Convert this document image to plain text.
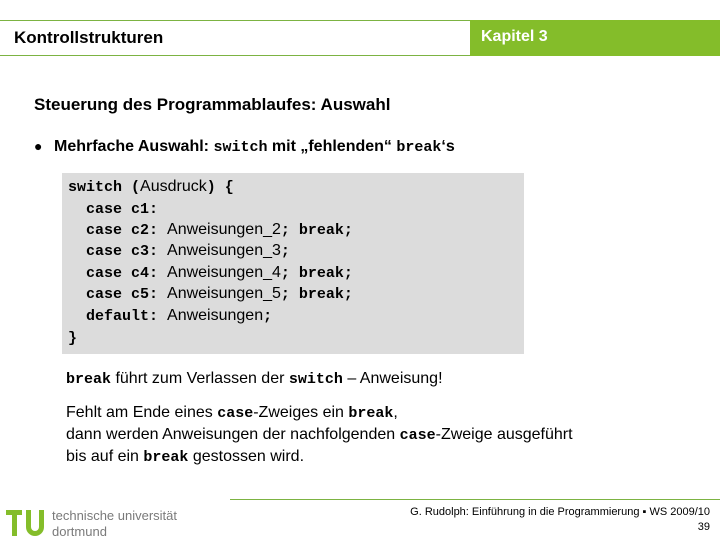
Kontrollstrukturen	Kapitel 3
Steuerung des Programmablaufes: Auswahl
● Mehrfache Auswahl: switch mit „fehlenden“ break‘s
switch (Ausdruck) {
case c1:
case c2: Anweisungen_2; break;
case c3: Anweisungen_3;
case c4: Anweisungen_4; break;
case c5: Anweisungen_5; break;
default: Anweisungen;
}
break führt zum Verlassen der switch – Anweisung!
Fehlt am Ende eines case-Zweiges ein break,
dann werden Anweisungen der nachfolgenden case-Zweige ausgeführt
bis auf ein break gestossen wird.
technische universität
dortmund
G. Rudolph: Einführung in die Programmierung ▪ WS 2009/10
39
